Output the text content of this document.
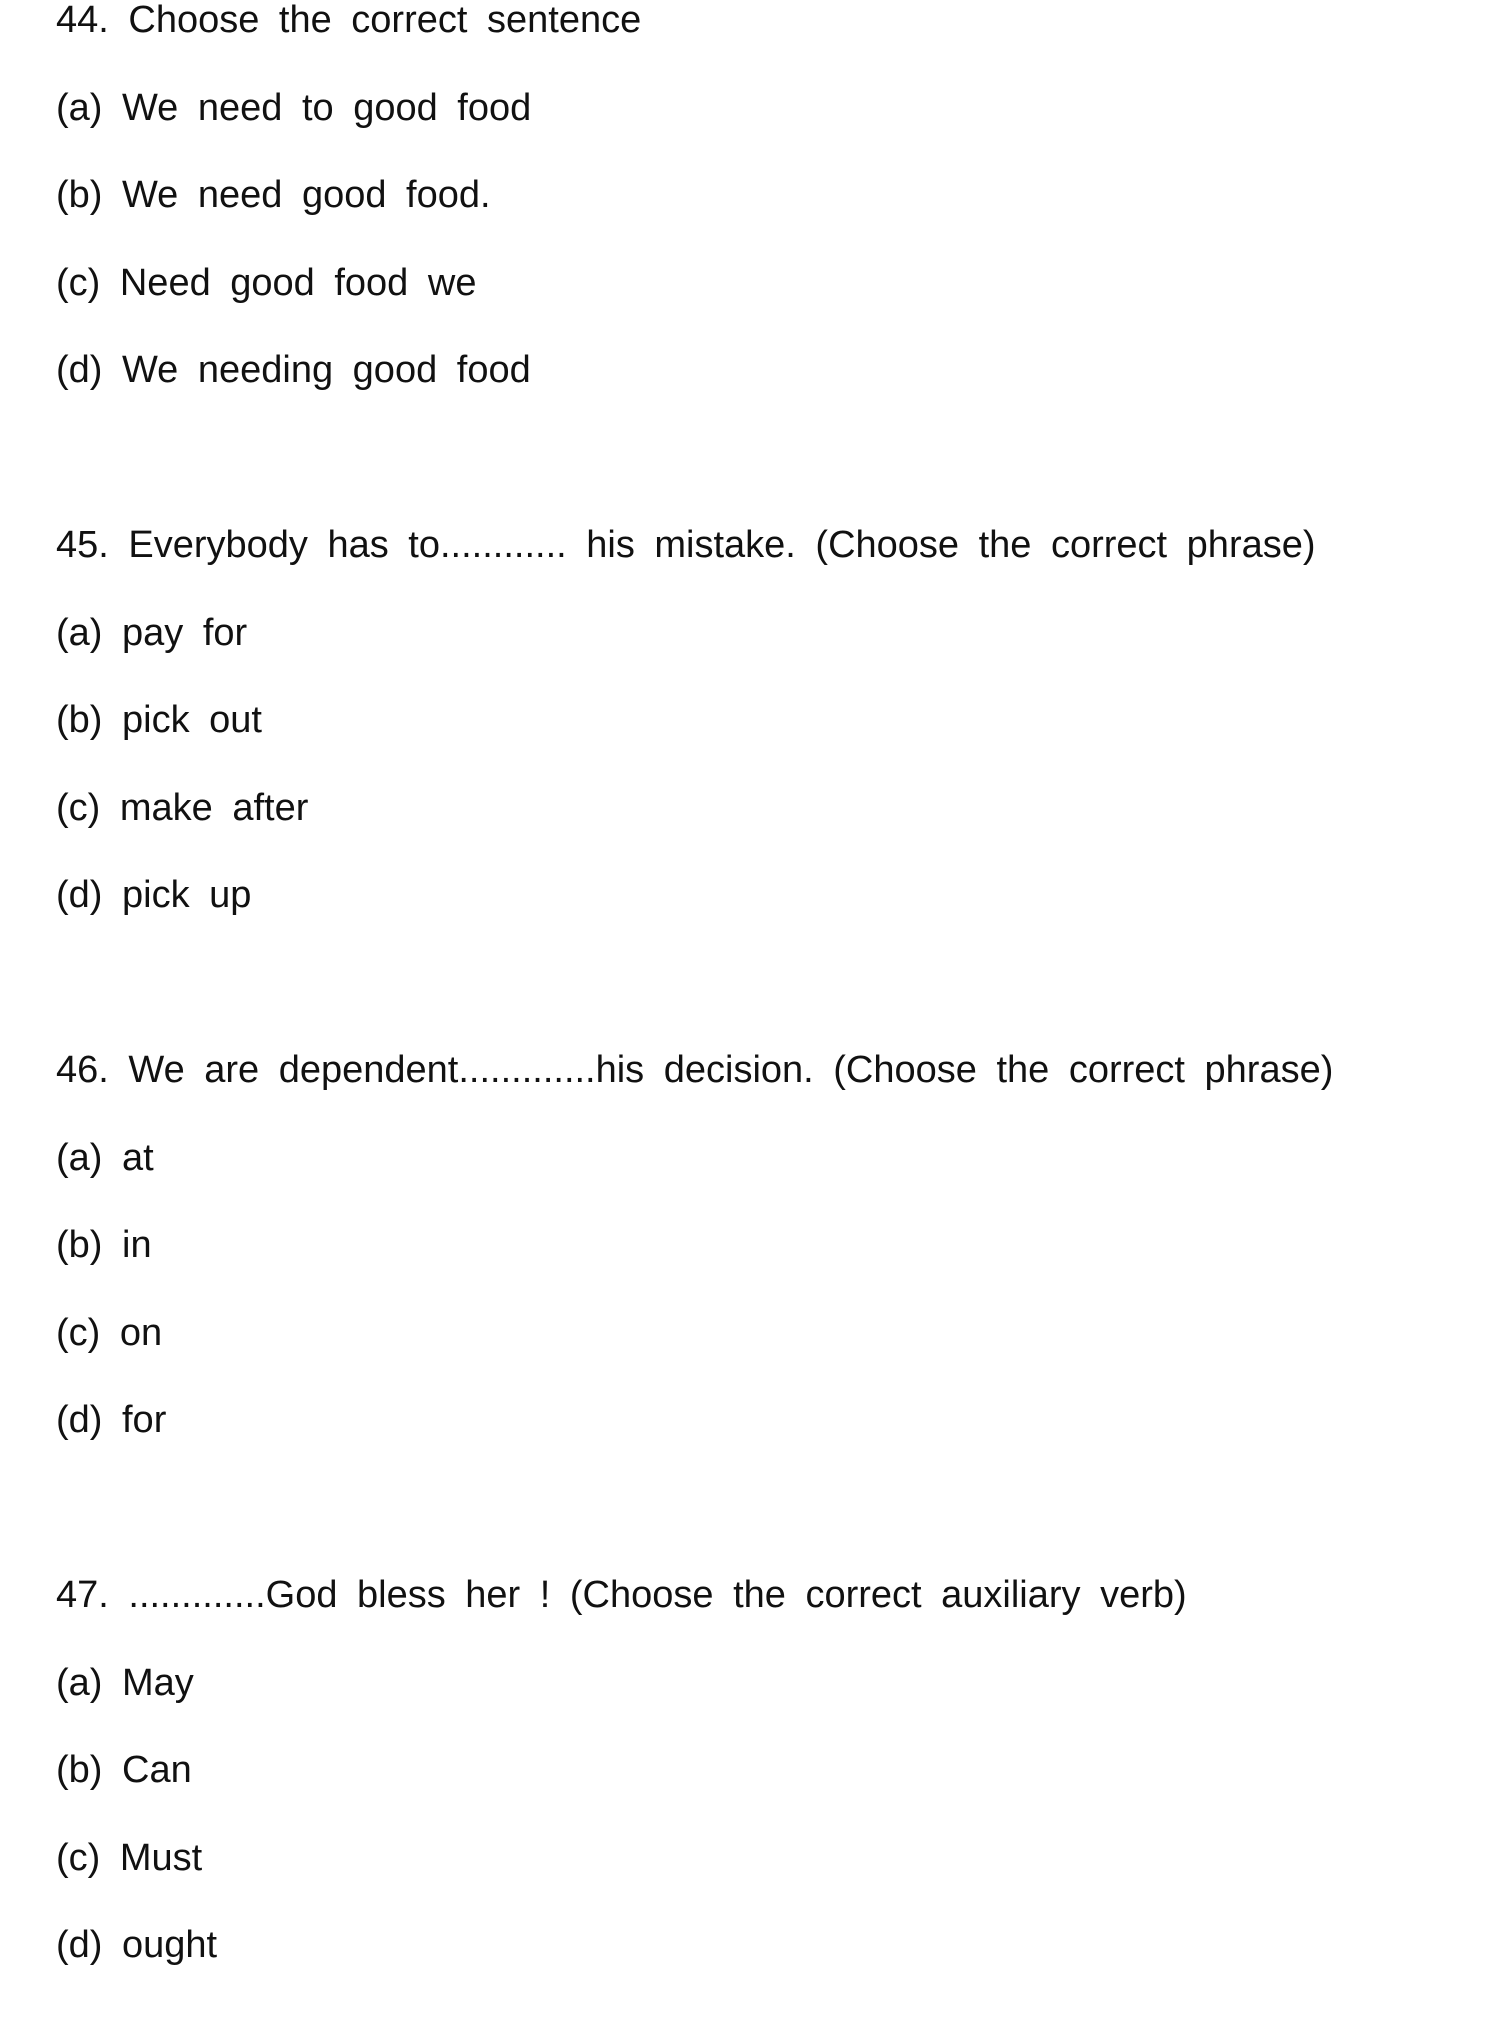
44. Choose the correct sentence
(a) We need to good food
(b) We need good food.
(c) Need good food we
(d) We needing good food
45. Everybody has to............ his mistake. (Choose the correct phrase)
(a) pay for
(b) pick out
(c) make after
(d) pick up
46. We are dependent.............his decision. (Choose the correct phrase)
(a) at
(b) in
(c) on
(d) for
47. .............God bless her ! (Choose the correct auxiliary verb)
(a) May
(b) Can
(c) Must
(d) ought
